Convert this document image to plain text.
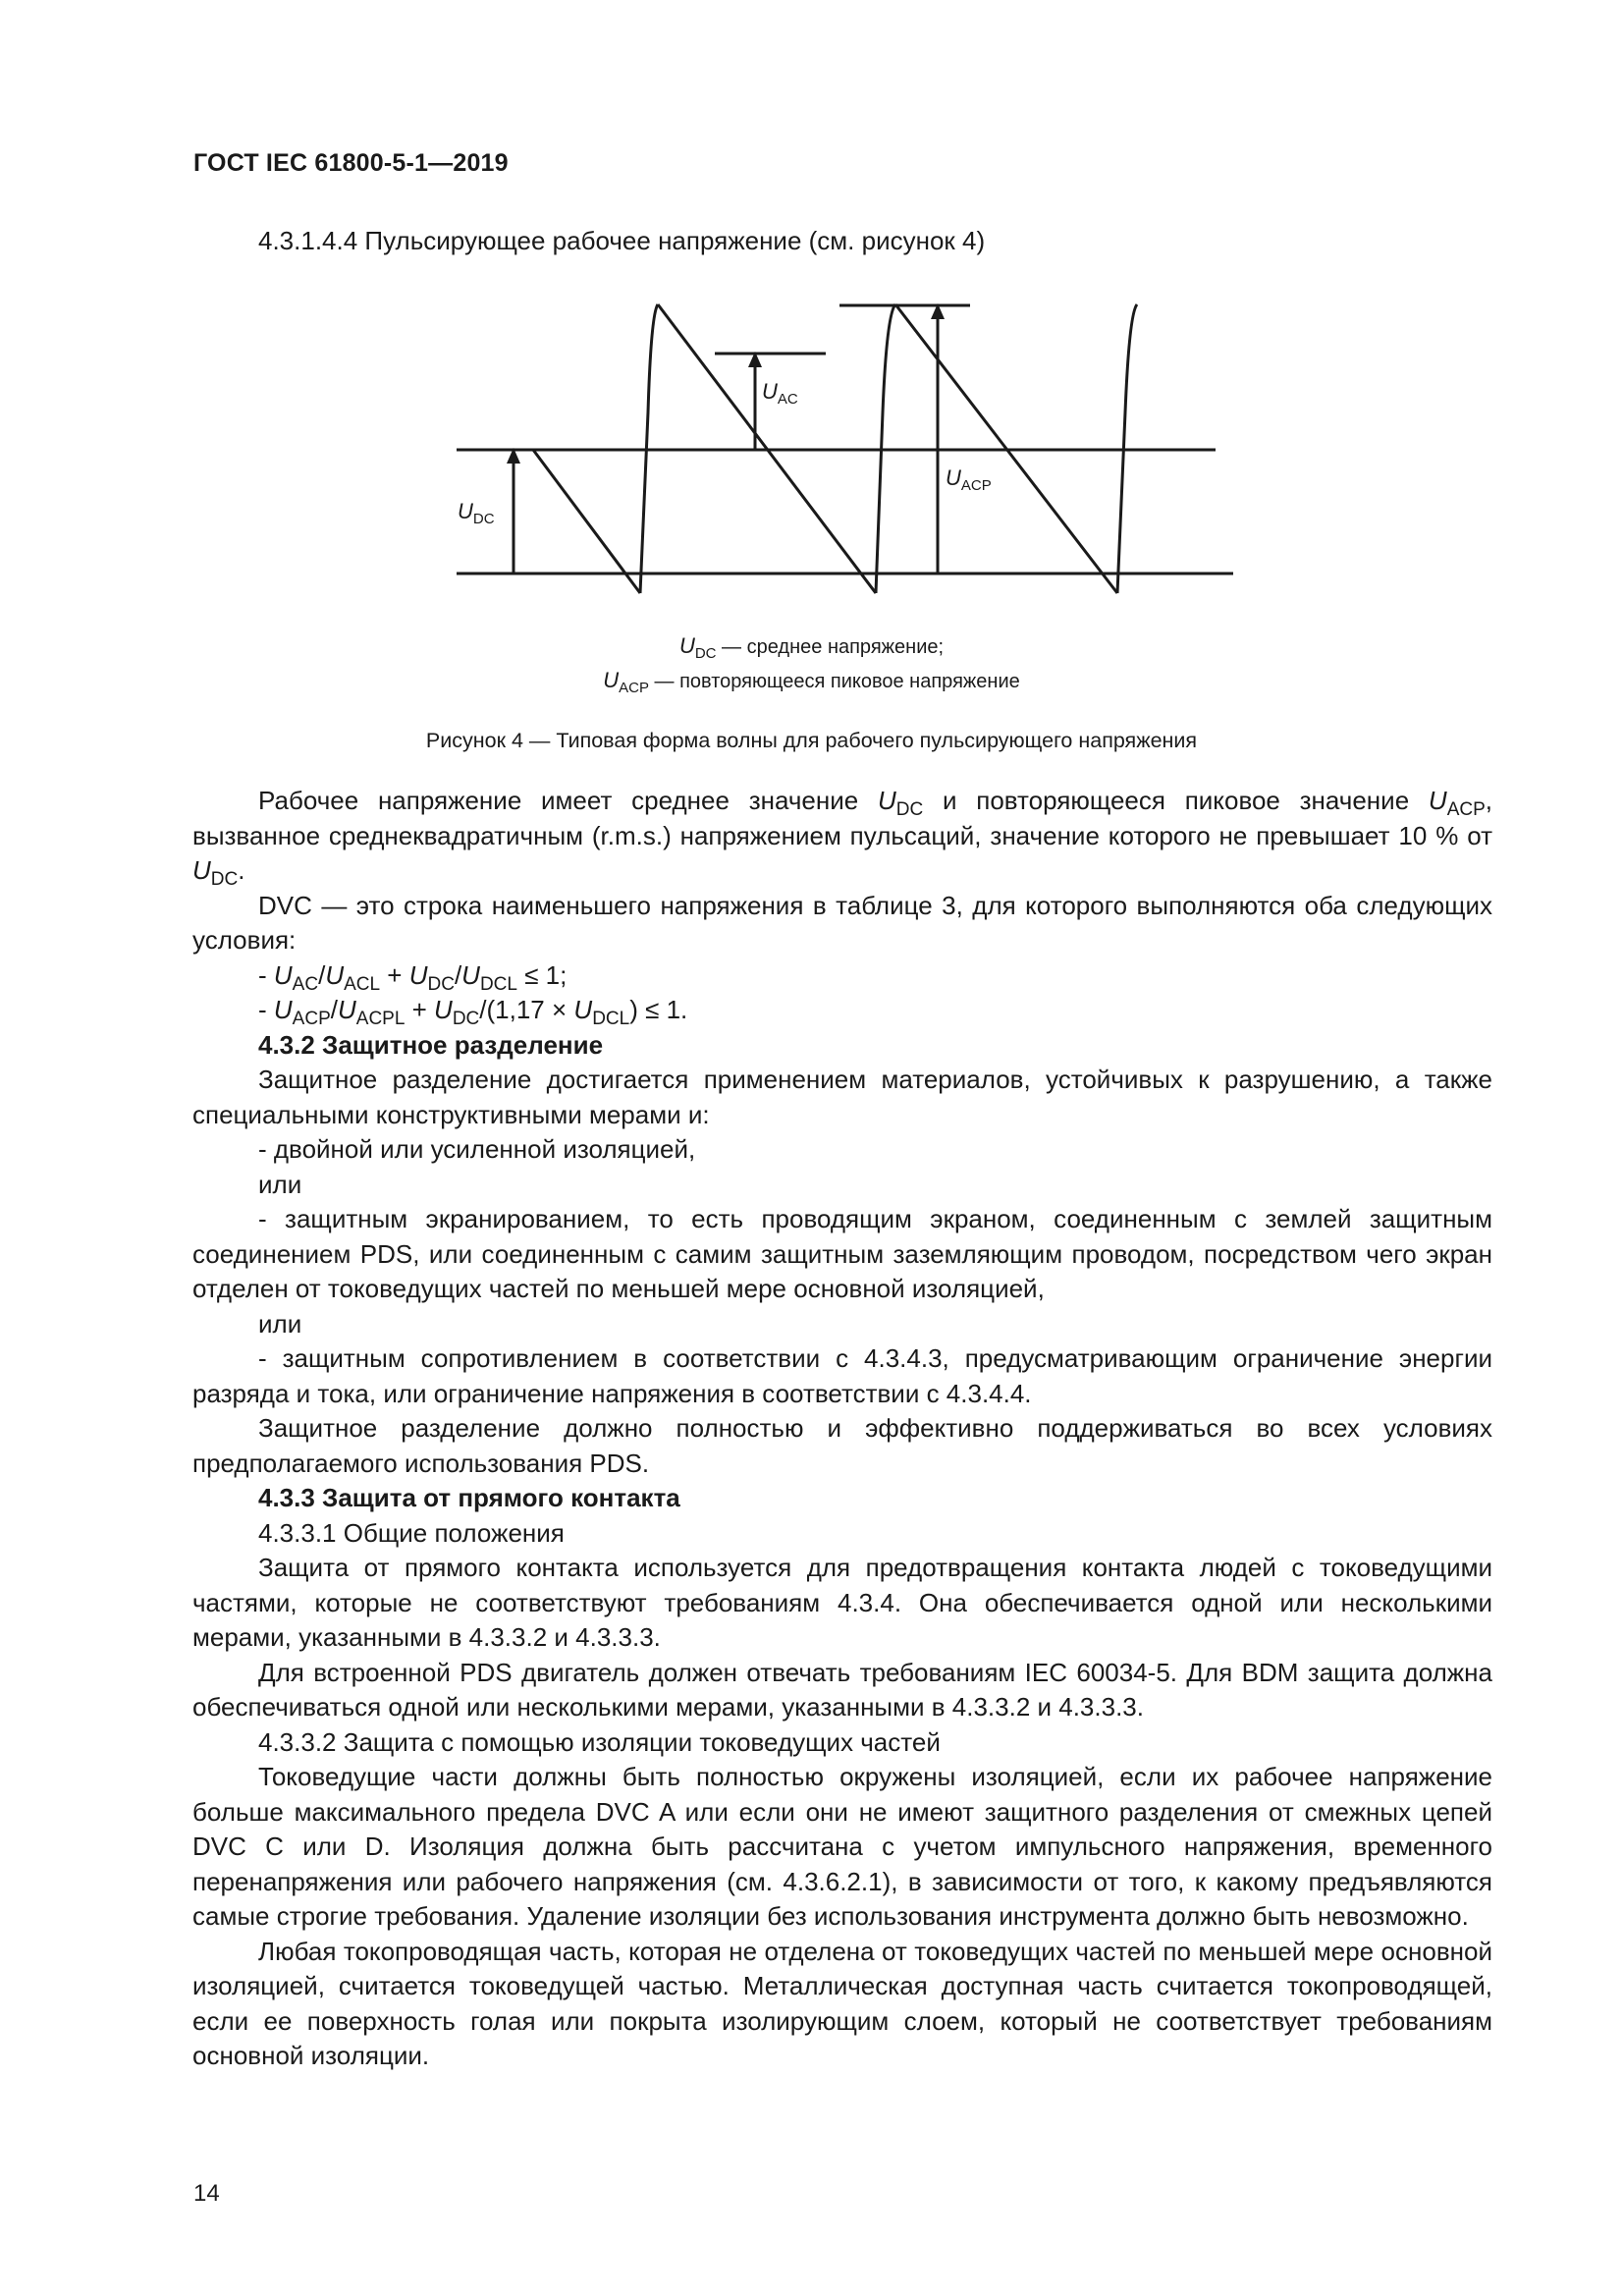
ГОСТ IEC 61800-5-1—2019
4.3.1.4.4 Пульсирующее рабочее напряжение (см. рисунок 4)
$U_{DC}$
$U_{AC}$
$U_{ACP}$
$U_{DC}$ — среднее напряжение;
$U_{ACP}$ — повторяющееся пиковое напряжение
Рисунок 4 — Типовая форма волны для рабочего пульсирующего напряжения

Рабочее напряжение имеет среднее значение $U_{DC}$ и повторяющееся пиковое значение $U_{ACP}$, вызванное среднеквадратичным (r.m.s.) напряжением пульсаций, значение которого не превышает 10 % от $U_{DC}$.

DVC — это строка наименьшего напряжения в таблице 3, для которого выполняются оба следующих условия:

- $U_{AC}/U_{ACL} + U_{DC}/U_{DCL} \le 1$;

- $U_{ACP}/U_{ACPL} + U_{DC}/(1,17 \times U_{DCL}) \le 1$.

4.3.2 Защитное разделение

Защитное разделение достигается применением материалов, устойчивых к разрушению, а также специальными конструктивными мерами и:

- двойной или усиленной изоляцией,

или

- защитным экранированием, то есть проводящим экраном, соединенным с землей защитным соединением PDS, или соединенным с самим защитным заземляющим проводом, посредством чего экран отделен от токоведущих частей по меньшей мере основной изоляцией,

или

- защитным сопротивлением в соответствии с 4.3.4.3, предусматривающим ограничение энергии разряда и тока, или ограничение напряжения в соответствии с 4.3.4.4.

Защитное разделение должно полностью и эффективно поддерживаться во всех условиях предполагаемого использования PDS.

4.3.3 Защита от прямого контакта

4.3.3.1 Общие положения

Защита от прямого контакта используется для предотвращения контакта людей с токоведущими частями, которые не соответствуют требованиям 4.3.4. Она обеспечивается одной или несколькими мерами, указанными в 4.3.3.2 и 4.3.3.3.

Для встроенной PDS двигатель должен отвечать требованиям IEC 60034-5. Для BDM защита должна обеспечиваться одной или несколькими мерами, указанными в 4.3.3.2 и 4.3.3.3.

4.3.3.2 Защита с помощью изоляции токоведущих частей

Токоведущие части должны быть полностью окружены изоляцией, если их рабочее напряжение больше максимального предела DVC A или если они не имеют защитного разделения от смежных цепей DVC C или D. Изоляция должна быть рассчитана с учетом импульсного напряжения, временного перенапряжения или рабочего напряжения (см. 4.3.6.2.1), в зависимости от того, к какому предъявляются самые строгие требования. Удаление изоляции без использования инструмента должно быть невозможно.

Любая токопроводящая часть, которая не отделена от токоведущих частей по меньшей мере основной изоляцией, считается токоведущей частью. Металлическая доступная часть считается токопроводящей, если ее поверхность голая или покрыта изолирующим слоем, который не соответствует требованиям основной изоляции.

14
